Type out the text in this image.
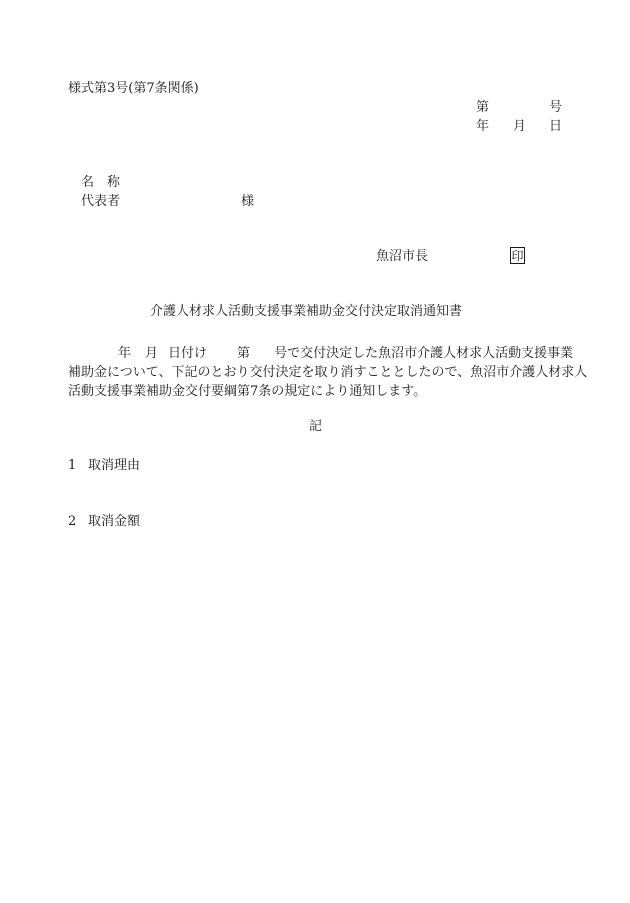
様式第3号(第7条関係)
第	号
年 月 日
名　称
代表者	様
魚沼市長	印
介護人材求人活動支援事業補助金交付決定取消通知書
年 月 日付け 第 号で交付決定した魚沼市介護人材求人活動支援事業
補助金について、下記のとおり交付決定を取り消すこととしたので、魚沼市介護人材求人
活動支援事業補助金交付要綱第7条の規定により通知します。
記
1 取消理由
2 取消金額
